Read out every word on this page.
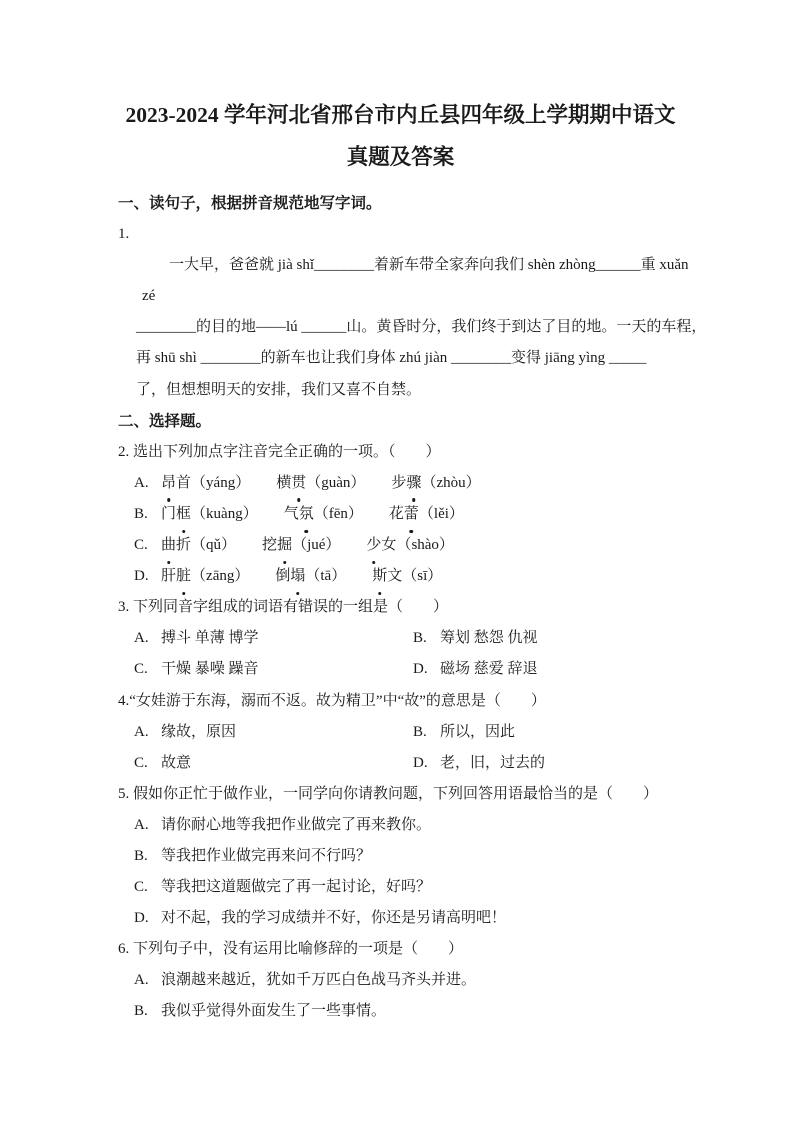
2023-2024 学年河北省邢台市内丘县四年级上学期期中语文
真题及答案
一、读句子，根据拼音规范地写字词。
1.
一大早，爸爸就 jià shǐ________着新车带全家奔向我们 shèn zhòng______重 xuǎn
zé
________的目的地——lú ______山。黄昏时分，我们终于到达了目的地。一天的车程，
再 shū shì ________的新车也让我们身体 zhú jiàn ________变得 jiāng yìng _____
了，但想想明天的安排，我们又喜不自禁。
二、选择题。
2. 选出下列加点字注音完全正确的一项。（　　）
A. 昂首（yáng） 横贯（guàn） 步骤（zhòu）
B. 门框（kuàng） 气氛（fēn） 花蕾（lěi）
C. 曲折（qǔ） 挖掘（jué） 少女（shào）
D. 肝脏（zāng） 倒塌（tā） 斯文（sī）
3. 下列同音字组成的词语有错误的一组是（　　）
A. 搏斗 单薄 博学	B. 筹划 愁怨 仇视
C. 干燥 暴噪 躁音	D. 磁场 慈爱 辞退
4.“女娃游于东海，溺而不返。故为精卫”中“故”的意思是（　　）
A. 缘故，原因	B. 所以，因此
C. 故意	D. 老，旧，过去的
5. 假如你正忙于做作业，一同学向你请教问题，下列回答用语最恰当的是（　　）
A. 请你耐心地等我把作业做完了再来教你。
B. 等我把作业做完再来问不行吗？
C. 等我把这道题做完了再一起讨论，好吗？
D. 对不起，我的学习成绩并不好，你还是另请高明吧！
6. 下列句子中，没有运用比喻修辞的一项是（　　）
A. 浪潮越来越近，犹如千万匹白色战马齐头并进。
B. 我似乎觉得外面发生了一些事情。
